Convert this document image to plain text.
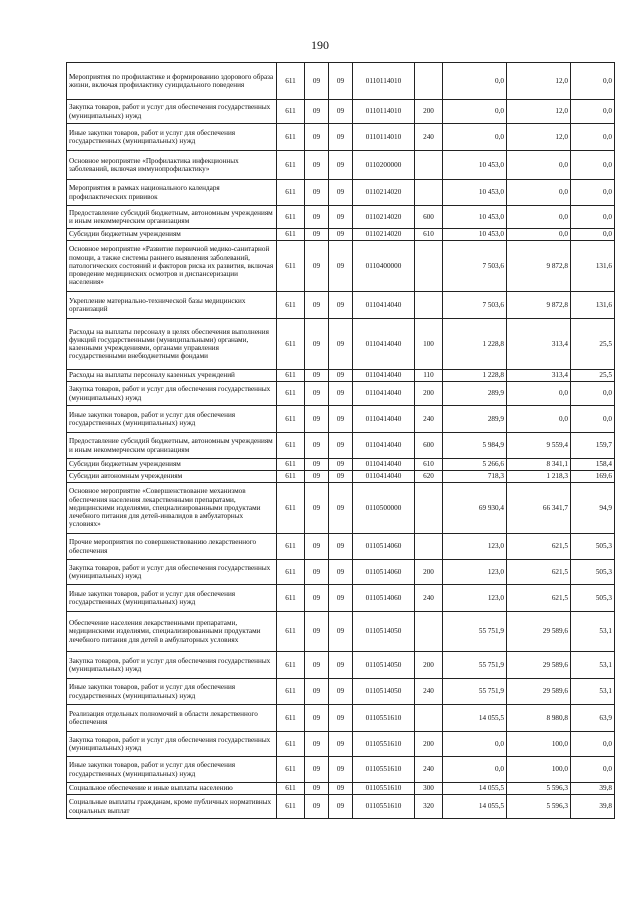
190
Мероприятия по профилактике и формированию здорового образа жизни, включая профилактику суицидального поведения	611	09	09	0110114010		0,0	12,0	0,0
Закупка товаров, работ и услуг для обеспечения государственных (муниципальных) нужд	611	09	09	0110114010	200	0,0	12,0	0,0
Иные закупки товаров, работ и услуг для обеспечения государственных (муниципальных) нужд	611	09	09	0110114010	240	0,0	12,0	0,0
Основное мероприятие «Профилактика инфекционных заболеваний, включая иммунопрофилактику»	611	09	09	0110200000		10 453,0	0,0	0,0
Мероприятия в рамках национального календаря профилактических прививок	611	09	09	0110214020		10 453,0	0,0	0,0
Предоставление субсидий бюджетным, автономным учреждениям и иным некоммерческим организациям	611	09	09	0110214020	600	10 453,0	0,0	0,0
Субсидии бюджетным учреждениям	611	09	09	0110214020	610	10 453,0	0,0	0,0
Основное мероприятие «Развитие первичной медико-санитарной помощи, а также системы раннего выявления заболеваний, патологических состояний и факторов риска их развития, включая проведение медицинских осмотров и диспансеризации населения»	611	09	09	0110400000		7 503,6	9 872,8	131,6
Укрепление материально-технической базы медицинских организаций	611	09	09	0110414040		7 503,6	9 872,8	131,6
Расходы на выплаты персоналу в целях обеспечения выполнения функций государственными (муниципальными) органами, казенными учреждениями, органами управления государственными внебюджетными фондами	611	09	09	0110414040	100	1 228,8	313,4	25,5
Расходы на выплаты персоналу казенных учреждений	611	09	09	0110414040	110	1 228,8	313,4	25,5
Закупка товаров, работ и услуг для обеспечения государственных (муниципальных) нужд	611	09	09	0110414040	200	289,9	0,0	0,0
Иные закупки товаров, работ и услуг для обеспечения государственных (муниципальных) нужд	611	09	09	0110414040	240	289,9	0,0	0,0
Предоставление субсидий бюджетным, автономным учреждениям и иным некоммерческим организациям	611	09	09	0110414040	600	5 984,9	9 559,4	159,7
Субсидии бюджетным учреждениям	611	09	09	0110414040	610	5 266,6	8 341,1	158,4
Субсидии автономным учреждениям	611	09	09	0110414040	620	718,3	1 218,3	169,6
Основное мероприятие «Совершенствование механизмов обеспечения населения лекарственными препаратами, медицинскими изделиями, специализированными продуктами лечебного питания для детей-инвалидов в амбулаторных условиях»	611	09	09	0110500000		69 930,4	66 341,7	94,9
Прочие мероприятия по совершенствованию лекарственного обеспечения	611	09	09	0110514060		123,0	621,5	505,3
Закупка товаров, работ и услуг для обеспечения государственных (муниципальных) нужд	611	09	09	0110514060	200	123,0	621,5	505,3
Иные закупки товаров, работ и услуг для обеспечения государственных (муниципальных) нужд	611	09	09	0110514060	240	123,0	621,5	505,3
Обеспечение населения лекарственными препаратами, медицинскими изделиями, специализированными продуктами лечебного питания для детей в амбулаторных условиях	611	09	09	0110514050		55 751,9	29 589,6	53,1
Закупка товаров, работ и услуг для обеспечения государственных (муниципальных) нужд	611	09	09	0110514050	200	55 751,9	29 589,6	53,1
Иные закупки товаров, работ и услуг для обеспечения государственных (муниципальных) нужд	611	09	09	0110514050	240	55 751,9	29 589,6	53,1
Реализация отдельных полномочий в области лекарственного обеспечения	611	09	09	0110551610		14 055,5	8 980,8	63,9
Закупка товаров, работ и услуг для обеспечения государственных (муниципальных) нужд	611	09	09	0110551610	200	0,0	100,0	0,0
Иные закупки товаров, работ и услуг для обеспечения государственных (муниципальных) нужд	611	09	09	0110551610	240	0,0	100,0	0,0
Социальное обеспечение и иные выплаты населению	611	09	09	0110551610	300	14 055,5	5 596,3	39,8
Социальные выплаты гражданам, кроме публичных нормативных социальных выплат	611	09	09	0110551610	320	14 055,5	5 596,3	39,8
